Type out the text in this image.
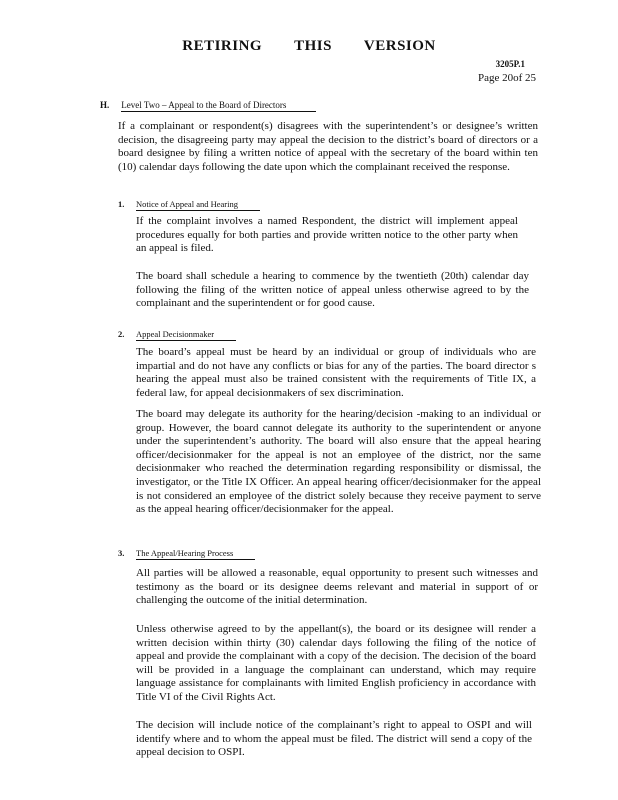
RETIRING THIS VERSION
3205P.1
Page 20of 25
H. Level Two – Appeal to the Board of Directors
If a complainant or respondent(s) disagrees with the superintendent’s or designee’s written decision, the disagreeing party may appeal the decision to the district’s board of directors or a board designee by filing a written notice of appeal with the secretary of the board within ten (10) calendar days following the date upon which the complainant received the response.
1. Notice of Appeal and Hearing
If the complaint involves a named Respondent, the district will implement appeal procedures equally for both parties and provide written notice to the other party when an appeal is filed.
The board shall schedule a hearing to commence by the twentieth (20th) calendar day following the filing of the written notice of appeal unless otherwise agreed to by the complainant and the superintendent or for good cause.
2. Appeal Decisionmaker
The board’s appeal must be heard by an individual or group of individuals who are impartial and do not have any conflicts or bias for any of the parties. The board director s hearing the appeal must also be trained consistent with the requirements of Title IX, a federal law, for appeal decisionmakers of sex discrimination.
The board may delegate its authority for the hearing/decision -making to an individual or group. However, the board cannot delegate its authority to the superintendent or anyone under the superintendent’s authority. The board will also ensure that the appeal hearing officer/decisionmaker for the appeal is not an employee of the district, nor the same decisionmaker who reached the determination regarding responsibility or dismissal, the investigator, or the Title IX Officer. An appeal hearing officer/decisionmaker for the appeal is not considered an employee of the district solely because they receive payment to serve as the appeal hearing officer/decisionmaker for the appeal.
3. The Appeal/Hearing Process
All parties will be allowed a reasonable, equal opportunity to present such witnesses and testimony as the board or its designee deems relevant and material in support of or challenging the outcome of the initial determination.
Unless otherwise agreed to by the appellant(s), the board or its designee will render a written decision within thirty (30) calendar days following the filing of the notice of appeal and provide the complainant with a copy of the decision. The decision of the board will be provided in a language the complainant can understand, which may require language assistance for complainants with limited English proficiency in accordance with Title VI of the Civil Rights Act.
The decision will include notice of the complainant’s right to appeal to OSPI and will identify where and to whom the appeal must be filed. The district will send a copy of the appeal decision to OSPI.
